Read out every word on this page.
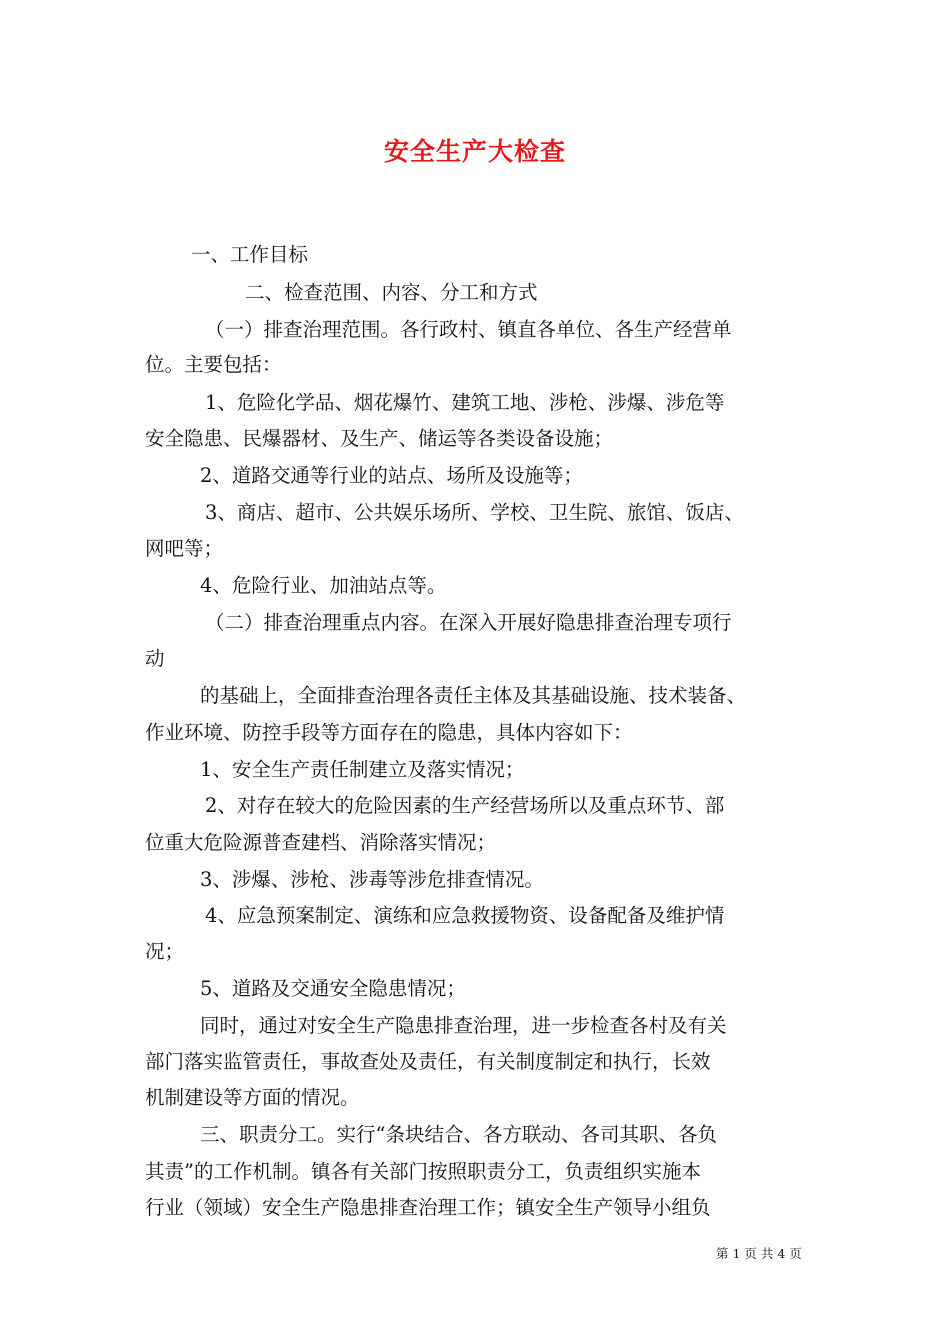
安全生产大检查
一、工作目标
二、检查范围、内容、分工和方式
（一）排查治理范围。各行政村、镇直各单位、各生产经营单
位。主要包括：
1、危险化学品、烟花爆竹、建筑工地、涉枪、涉爆、涉危等
安全隐患、民爆器材、及生产、储运等各类设备设施；
2、道路交通等行业的站点、场所及设施等；
3、商店、超市、公共娱乐场所、学校、卫生院、旅馆、饭店、
网吧等；
4、危险行业、加油站点等。
（二）排查治理重点内容。在深入开展好隐患排查治理专项行
动
的基础上，全面排查治理各责任主体及其基础设施、技术装备、
作业环境、防控手段等方面存在的隐患，具体内容如下：
1、安全生产责任制建立及落实情况；
2、对存在较大的危险因素的生产经营场所以及重点环节、部
位重大危险源普查建档、消除落实情况；
3、涉爆、涉枪、涉毒等涉危排查情况。
4、应急预案制定、演练和应急救援物资、设备配备及维护情
况；
5、道路及交通安全隐患情况；
同时，通过对安全生产隐患排查治理，进一步检查各村及有关
部门落实监管责任，事故查处及责任，有关制度制定和执行，长效
机制建设等方面的情况。
三、职责分工。实行“条块结合、各方联动、各司其职、各负
其责”的工作机制。镇各有关部门按照职责分工，负责组织实施本
行业（领域）安全生产隐患排查治理工作；镇安全生产领导小组负
第 1 页 共 4 页
